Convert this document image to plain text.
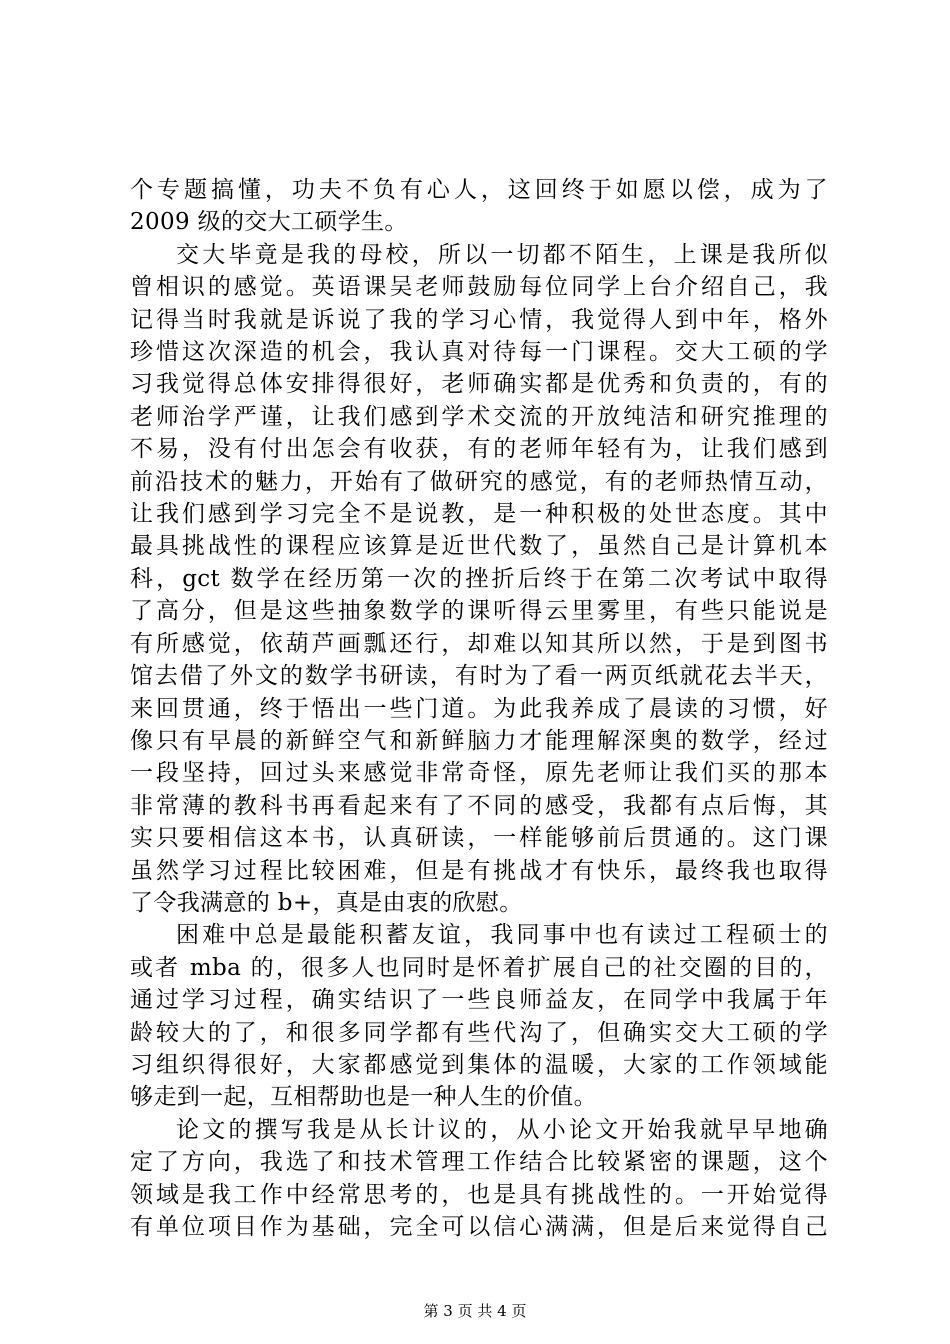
个专题搞懂，功夫不负有心人，这回终于如愿以偿，成为了
2009 级的交大工硕学生。
交大毕竟是我的母校，所以一切都不陌生，上课是我所似
曾相识的感觉。英语课吴老师鼓励每位同学上台介绍自己，我
记得当时我就是诉说了我的学习心情，我觉得人到中年，格外
珍惜这次深造的机会，我认真对待每一门课程。交大工硕的学
习我觉得总体安排得很好，老师确实都是优秀和负责的，有的
老师治学严谨，让我们感到学术交流的开放纯洁和研究推理的
不易，没有付出怎会有收获，有的老师年轻有为，让我们感到
前沿技术的魅力，开始有了做研究的感觉，有的老师热情互动，
让我们感到学习完全不是说教，是一种积极的处世态度。其中
最具挑战性的课程应该算是近世代数了，虽然自己是计算机本
科，gct 数学在经历第一次的挫折后终于在第二次考试中取得
了高分，但是这些抽象数学的课听得云里雾里，有些只能说是
有所感觉，依葫芦画瓢还行，却难以知其所以然，于是到图书
馆去借了外文的数学书研读，有时为了看一两页纸就花去半天，
来回贯通，终于悟出一些门道。为此我养成了晨读的习惯，好
像只有早晨的新鲜空气和新鲜脑力才能理解深奥的数学，经过
一段坚持，回过头来感觉非常奇怪，原先老师让我们买的那本
非常薄的教科书再看起来有了不同的感受，我都有点后悔，其
实只要相信这本书，认真研读，一样能够前后贯通的。这门课
虽然学习过程比较困难，但是有挑战才有快乐，最终我也取得
了令我满意的 b+，真是由衷的欣慰。
困难中总是最能积蓄友谊，我同事中也有读过工程硕士的
或者 mba 的，很多人也同时是怀着扩展自己的社交圈的目的，
通过学习过程，确实结识了一些良师益友，在同学中我属于年
龄较大的了，和很多同学都有些代沟了，但确实交大工硕的学
习组织得很好，大家都感觉到集体的温暖，大家的工作领域能
够走到一起，互相帮助也是一种人生的价值。
论文的撰写我是从长计议的，从小论文开始我就早早地确
定了方向，我选了和技术管理工作结合比较紧密的课题，这个
领域是我工作中经常思考的，也是具有挑战性的。一开始觉得
有单位项目作为基础，完全可以信心满满，但是后来觉得自己
第 3 页 共 4 页
